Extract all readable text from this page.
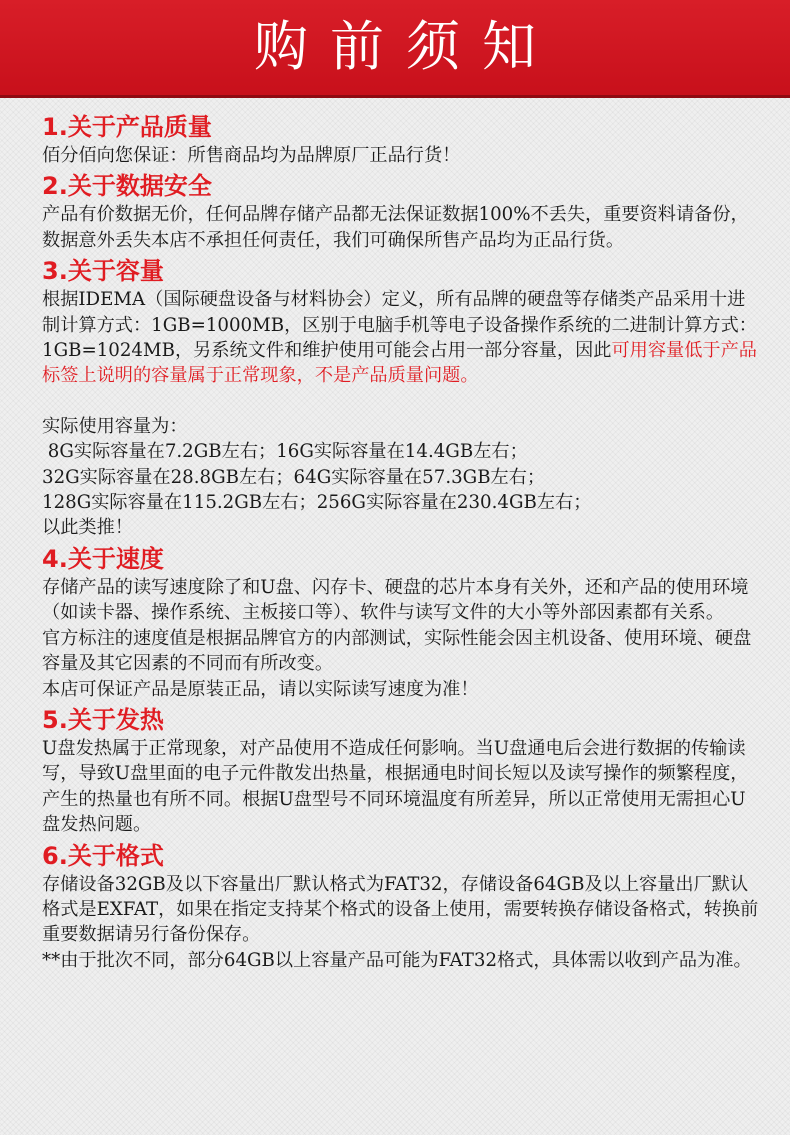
购前须知
1.关于产品质量

佰分佰向您保证：所售商品均为品牌原厂正品行货！

2.关于数据安全

产品有价数据无价，任何品牌存储产品都无法保证数据100%不丢失，重要资料请备份，数据意外丢失本店不承担任何责任，我们可确保所售产品均为正品行货。

3.关于容量

根据IDEMA（国际硬盘设备与材料协会）定义，所有品牌的硬盘等存储类产品采用十进制计算方式：1GB=1000MB，区别于电脑手机等电子设备操作系统的二进制计算方式：1GB=1024MB，另系统文件和维护使用可能会占用一部分容量，因此可用容量低于产品标签上说明的容量属于正常现象，不是产品质量问题。

实际使用容量为：

8G实际容量在7.2GB左右；16G实际容量在14.4GB左右；

32G实际容量在28.8GB左右；64G实际容量在57.3GB左右；

128G实际容量在115.2GB左右；256G实际容量在230.4GB左右；

以此类推！

4.关于速度

存储产品的读写速度除了和U盘、闪存卡、硬盘的芯片本身有关外，还和产品的使用环境（如读卡器、操作系统、主板接口等）、软件与读写文件的大小等外部因素都有关系。

官方标注的速度值是根据品牌官方的内部测试，实际性能会因主机设备、使用环境、硬盘容量及其它因素的不同而有所改变。

本店可保证产品是原装正品，请以实际读写速度为准！

5.关于发热

U盘发热属于正常现象，对产品使用不造成任何影响。当U盘通电后会进行数据的传输读写，导致U盘里面的电子元件散发出热量，根据通电时间长短以及读写操作的频繁程度，产生的热量也有所不同。根据U盘型号不同环境温度有所差异，所以正常使用无需担心U盘发热问题。

6.关于格式

存储设备32GB及以下容量出厂默认格式为FAT32，存储设备64GB及以上容量出厂默认格式是EXFAT，如果在指定支持某个格式的设备上使用，需要转换存储设备格式，转换前重要数据请另行备份保存。

**由于批次不同，部分64GB以上容量产品可能为FAT32格式，具体需以收到产品为准。
